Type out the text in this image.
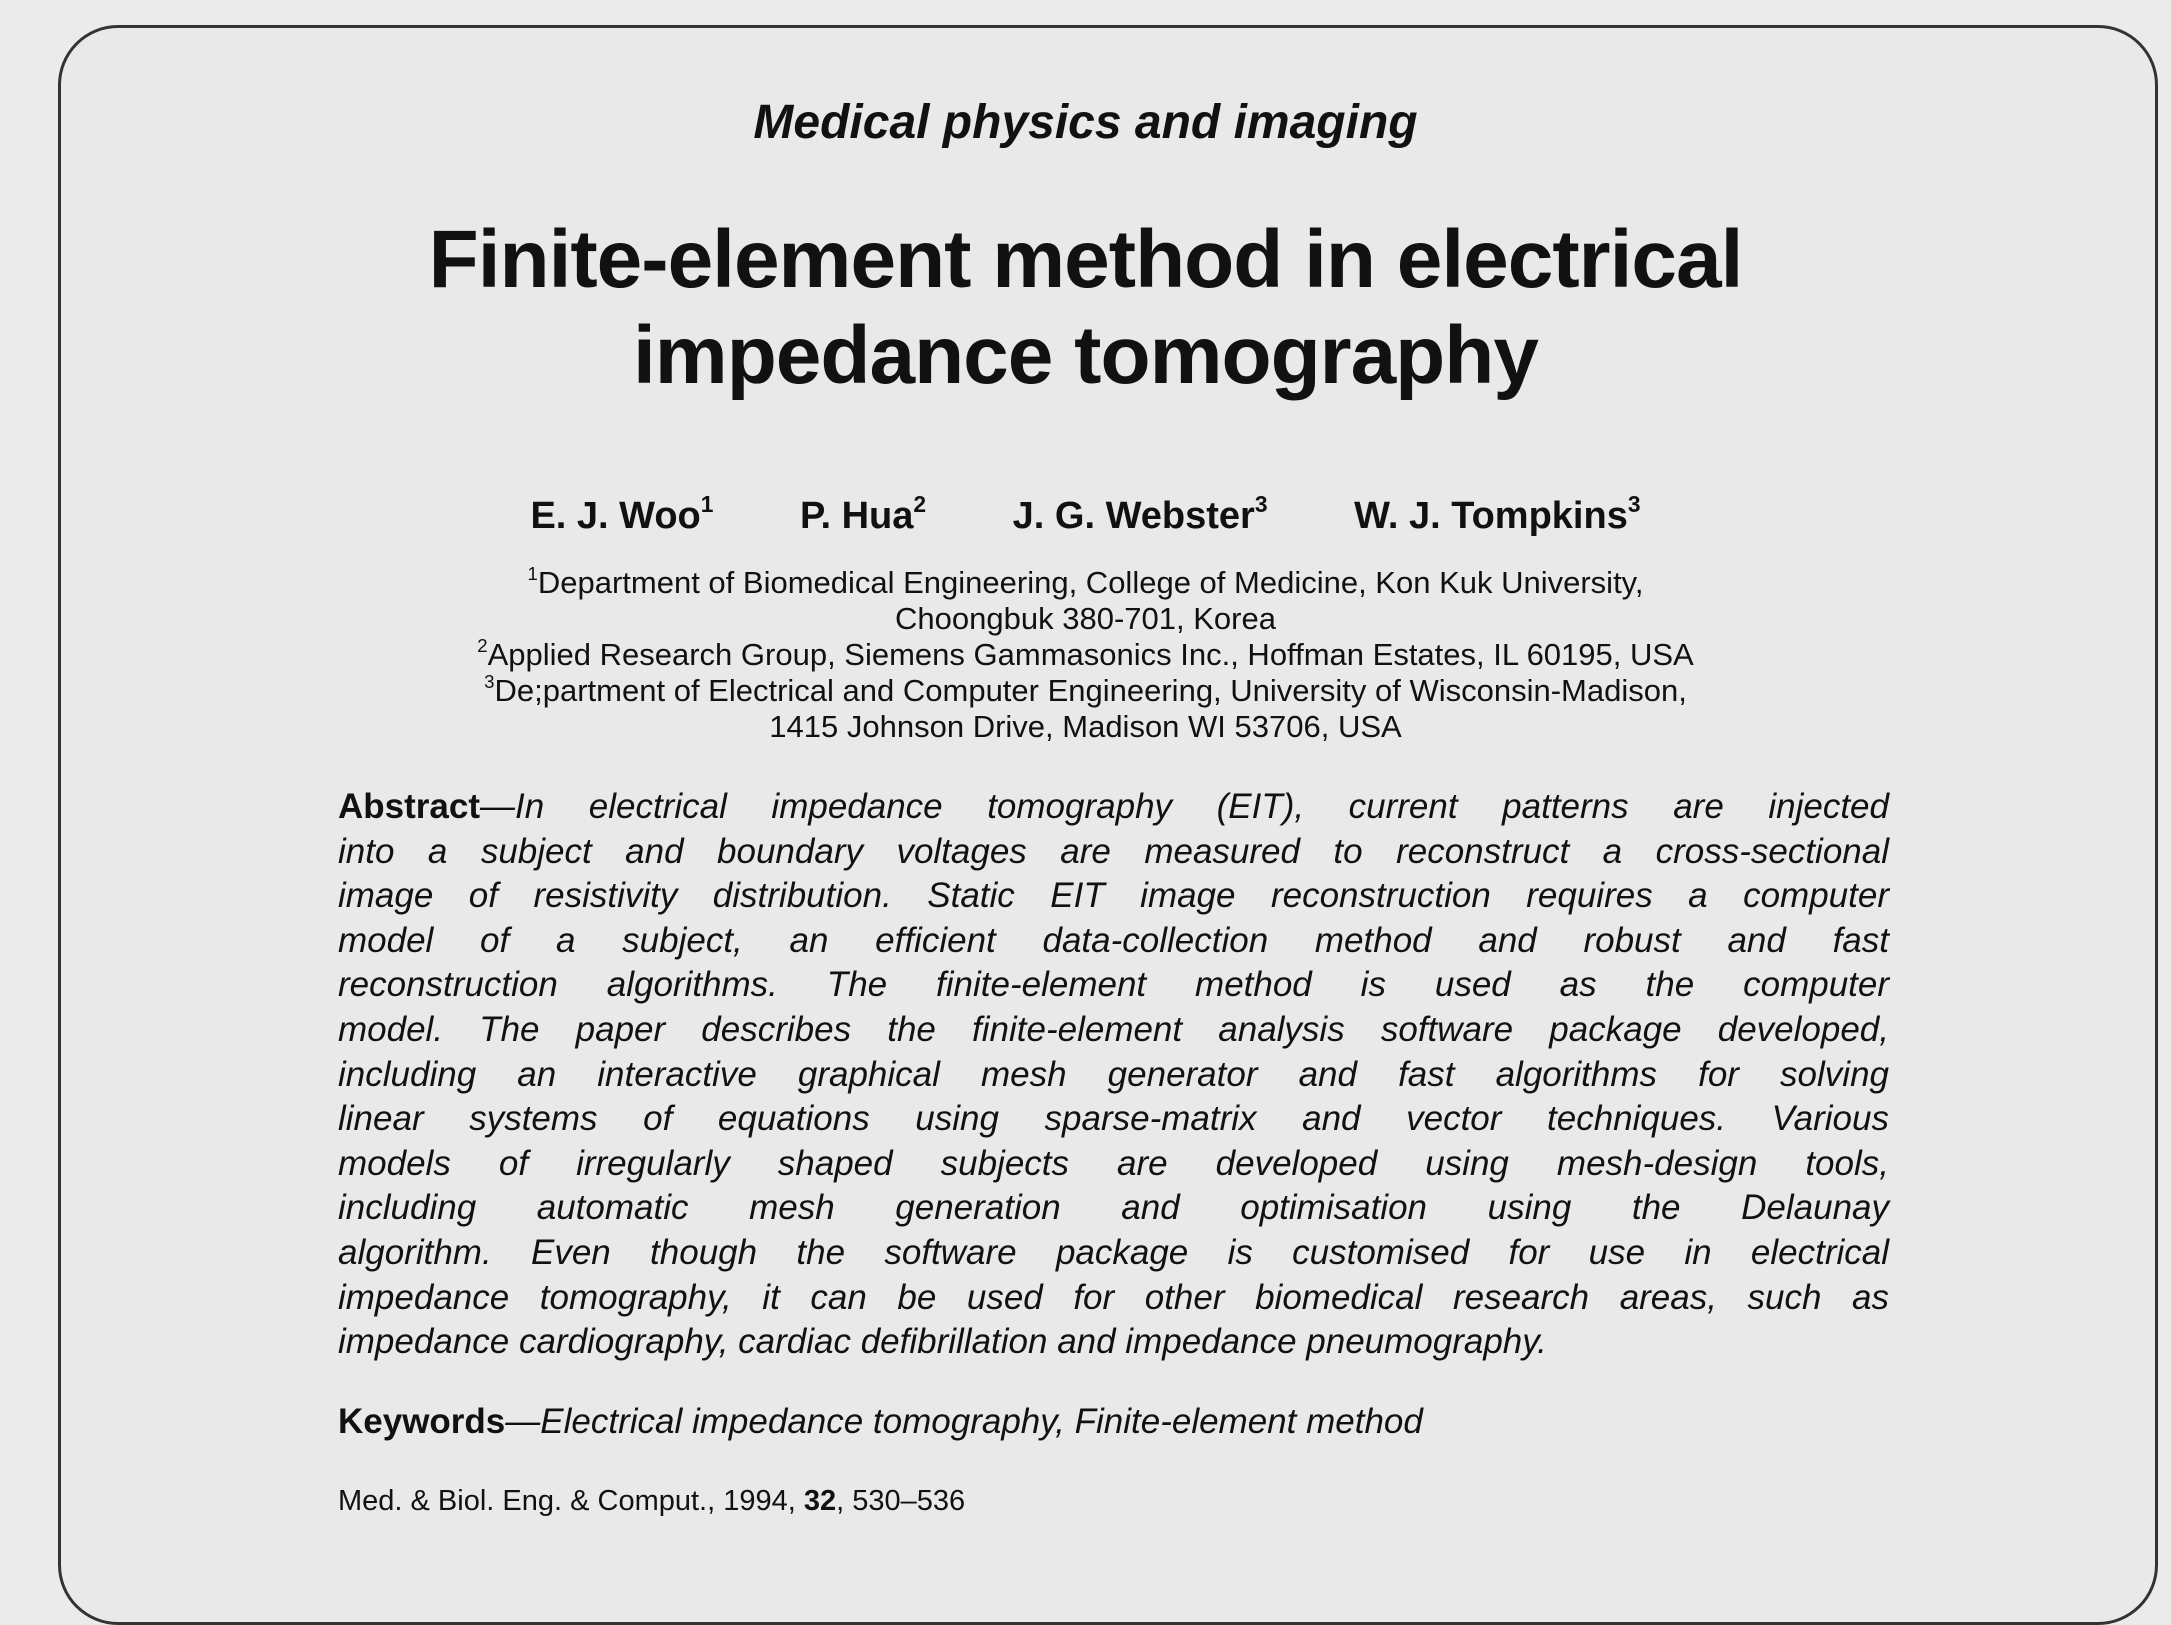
Medical physics and imaging
Finite-element method in electrical
impedance tomography
E. J. Woo$^1$ P. Hua$^2$ J. G. Webster$^3$ W. J. Tompkins$^3$
$^1$Department of Biomedical Engineering, College of Medicine, Kon Kuk University,
Choongbuk 380-701, Korea
$^2$Applied Research Group, Siemens Gammasonics Inc., Hoffman Estates, IL 60195, USA
$^3$De;partment of Electrical and Computer Engineering, University of Wisconsin-Madison,
1415 Johnson Drive, Madison WI 53706, USA
Abstract—In electrical impedance tomography (EIT), current patterns are injected
into a subject and boundary voltages are measured to reconstruct a cross-sectional
image of resistivity distribution. Static EIT image reconstruction requires a computer
model of a subject, an efficient data-collection method and robust and fast
reconstruction algorithms. The finite-element method is used as the computer
model. The paper describes the finite-element analysis software package developed,
including an interactive graphical mesh generator and fast algorithms for solving
linear systems of equations using sparse-matrix and vector techniques. Various
models of irregularly shaped subjects are developed using mesh-design tools,
including automatic mesh generation and optimisation using the Delaunay
algorithm. Even though the software package is customised for use in electrical
impedance tomography, it can be used for other biomedical research areas, such as
impedance cardiography, cardiac defibrillation and impedance pneumography.
Keywords—Electrical impedance tomography, Finite-element method
Med. & Biol. Eng. & Comput., 1994, 32, 530–536
